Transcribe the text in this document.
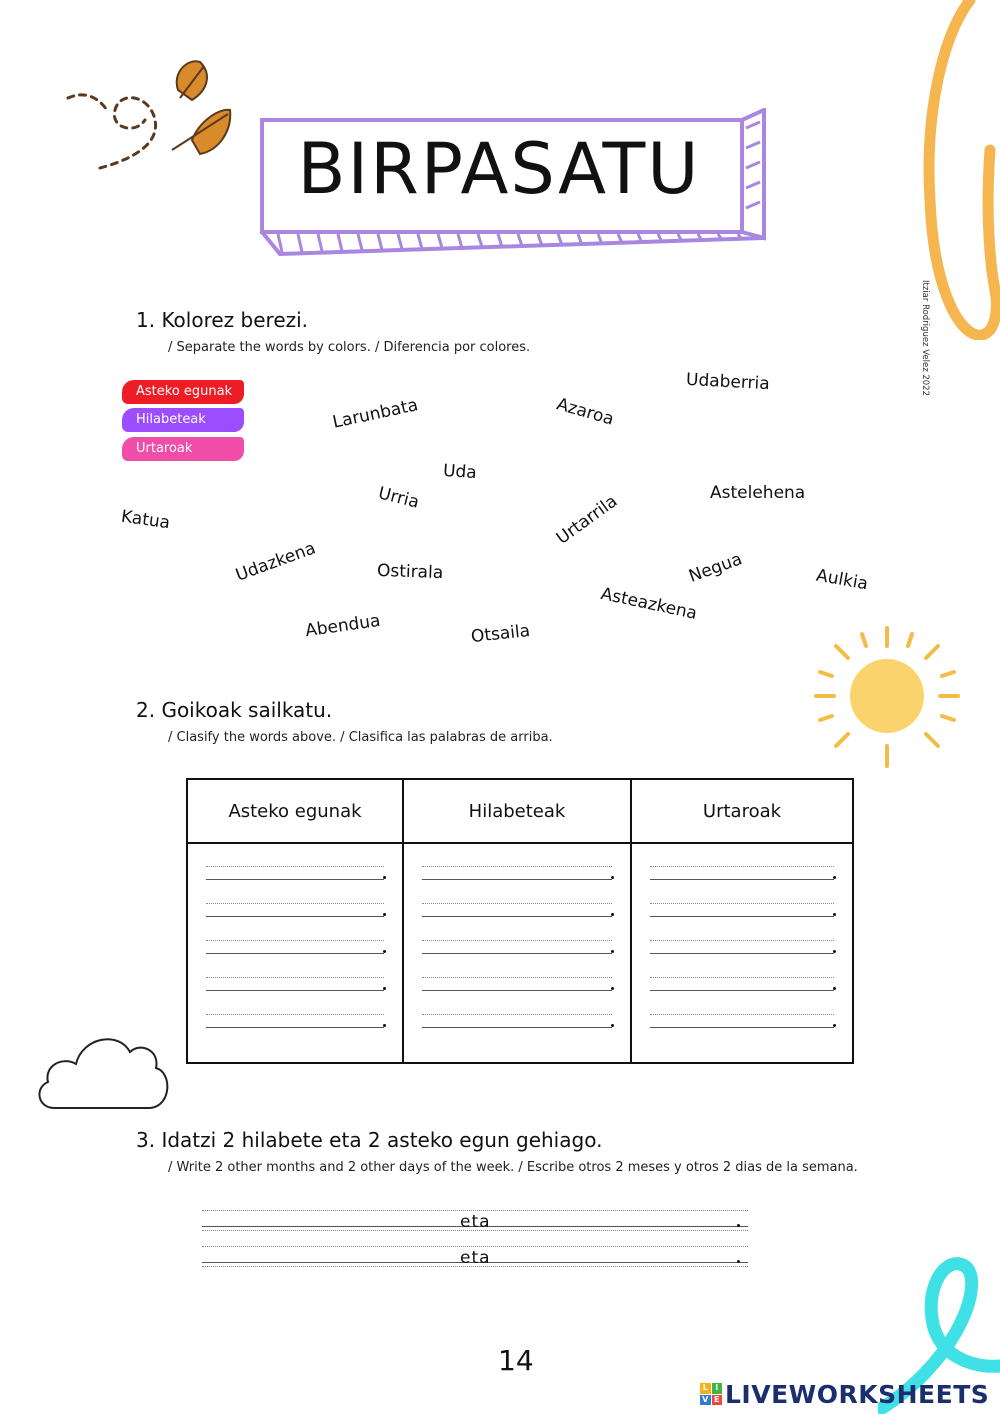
BIRPASATU
Itziar Rodriguez Velez 2022
1. Kolorez berezi.
/ Separate the words by colors. / Diferencia por colores.
Asteko egunak
Hilabeteak
Urtaroak
Udaberria
Larunbata	Azaroa
Uda
Urria	Astelehena
Katua	Urtarrila
Udazkena	Ostirala	Negua	Aulkia
Asteazkena
Abendua	Otsaila
2. Goikoak sailkatu.
/ Clasify the words above. / Clasifica las palabras de arriba.
Asteko egunak	Hilabeteak	Urtaroak
3. Idatzi 2 hilabete eta 2 asteko egun gehiago.
/ Write 2 other months and 2 other days of the week. / Escribe otros 2 meses y otros 2 dias de la semana.
eta
eta
14
L I
V E LIVEWORKSHEETS
